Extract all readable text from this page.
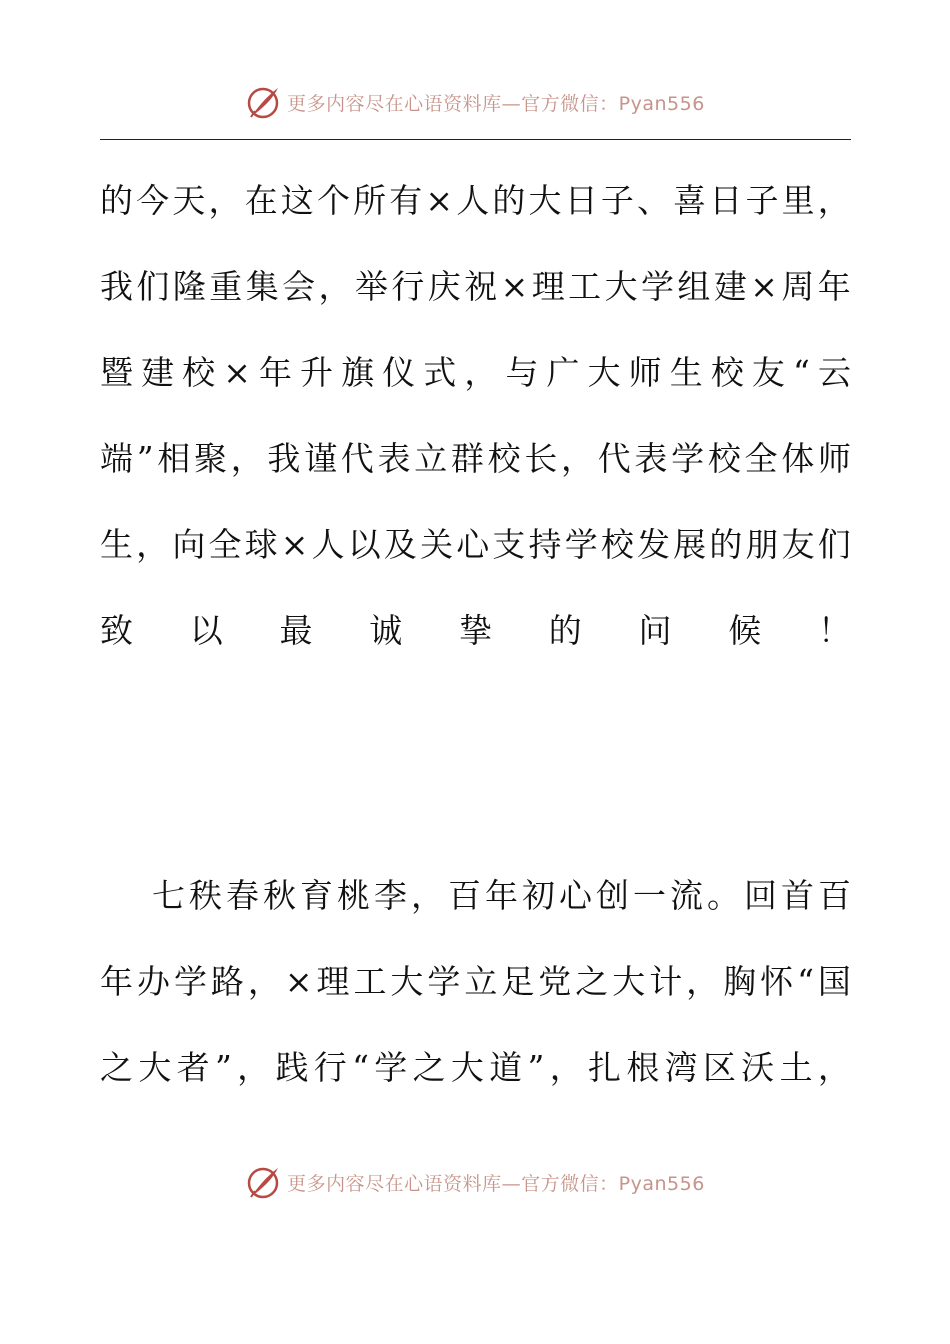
更多内容尽在心语资料库—官方微信：Pyan556
的 今 天 ， 在 这 个 所 有 × 人 的 大 日 子 、 喜 日 子 里 ，
我 们 隆 重 集 会 ， 举 行 庆 祝 × 理 工 大 学 组 建 × 周 年
暨 建 校 × 年 升 旗 仪 式 ， 与 广 大 师 生 校 友 “ 云
端 ” 相 聚 ， 我 谨 代 表 立 群 校 长 ， 代 表 学 校 全 体 师
生 ， 向 全 球 × 人 以 及 关 心 支 持 学 校 发 展 的 朋 友 们
致 以 最 诚 挚 的 问 候 ！
七 秩 春 秋 育 桃 李 ， 百 年 初 心 创 一 流 。 回 首 百
年 办 学 路 ， × 理 工 大 学 立 足 党 之 大 计 ， 胸 怀 “ 国
之 大 者 ” ， 践 行 “ 学 之 大 道 ” ， 扎 根 湾 区 沃 土 ，
更多内容尽在心语资料库—官方微信：Pyan556
